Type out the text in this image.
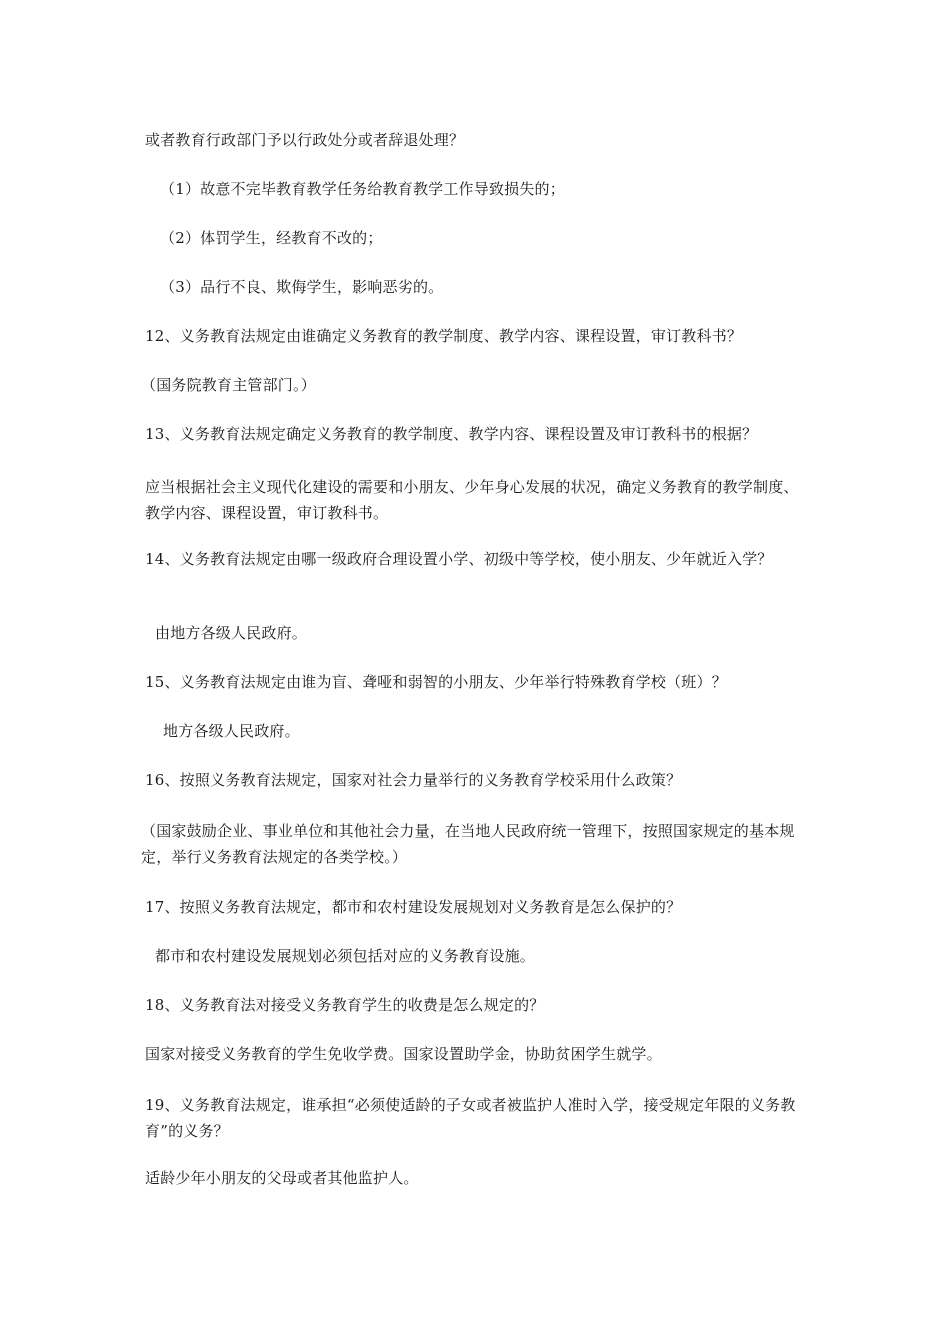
或者教育行政部门予以行政处分或者辞退处理？
（1）故意不完毕教育教学任务给教育教学工作导致损失的；
（2）体罚学生，经教育不改的；
（3）品行不良、欺侮学生，影响恶劣的。
12、义务教育法规定由谁确定义务教育的教学制度、教学内容、课程设置，审订教科书？
（国务院教育主管部门。）
13、义务教育法规定确定义务教育的教学制度、教学内容、课程设置及审订教科书的根据？
应当根据社会主义现代化建设的需要和小朋友、少年身心发展的状况，确定义务教育的教学制度、教学内容、课程设置，审订教科书。
14、义务教育法规定由哪一级政府合理设置小学、初级中等学校，使小朋友、少年就近入学？
由地方各级人民政府。
15、义务教育法规定由谁为盲、聋哑和弱智的小朋友、少年举行特殊教育学校（班）？
地方各级人民政府。
16、按照义务教育法规定，国家对社会力量举行的义务教育学校采用什么政策？
（国家鼓励企业、事业单位和其他社会力量，在当地人民政府统一管理下，按照国家规定的基本规定，举行义务教育法规定的各类学校。）
17、按照义务教育法规定，都市和农村建设发展规划对义务教育是怎么保护的？
都市和农村建设发展规划必须包括对应的义务教育设施。
18、义务教育法对接受义务教育学生的收费是怎么规定的？
国家对接受义务教育的学生免收学费。国家设置助学金，协助贫困学生就学。
19、义务教育法规定，谁承担“必须使适龄的子女或者被监护人准时入学，接受规定年限的义务教育”的义务？
适龄少年小朋友的父母或者其他监护人。
